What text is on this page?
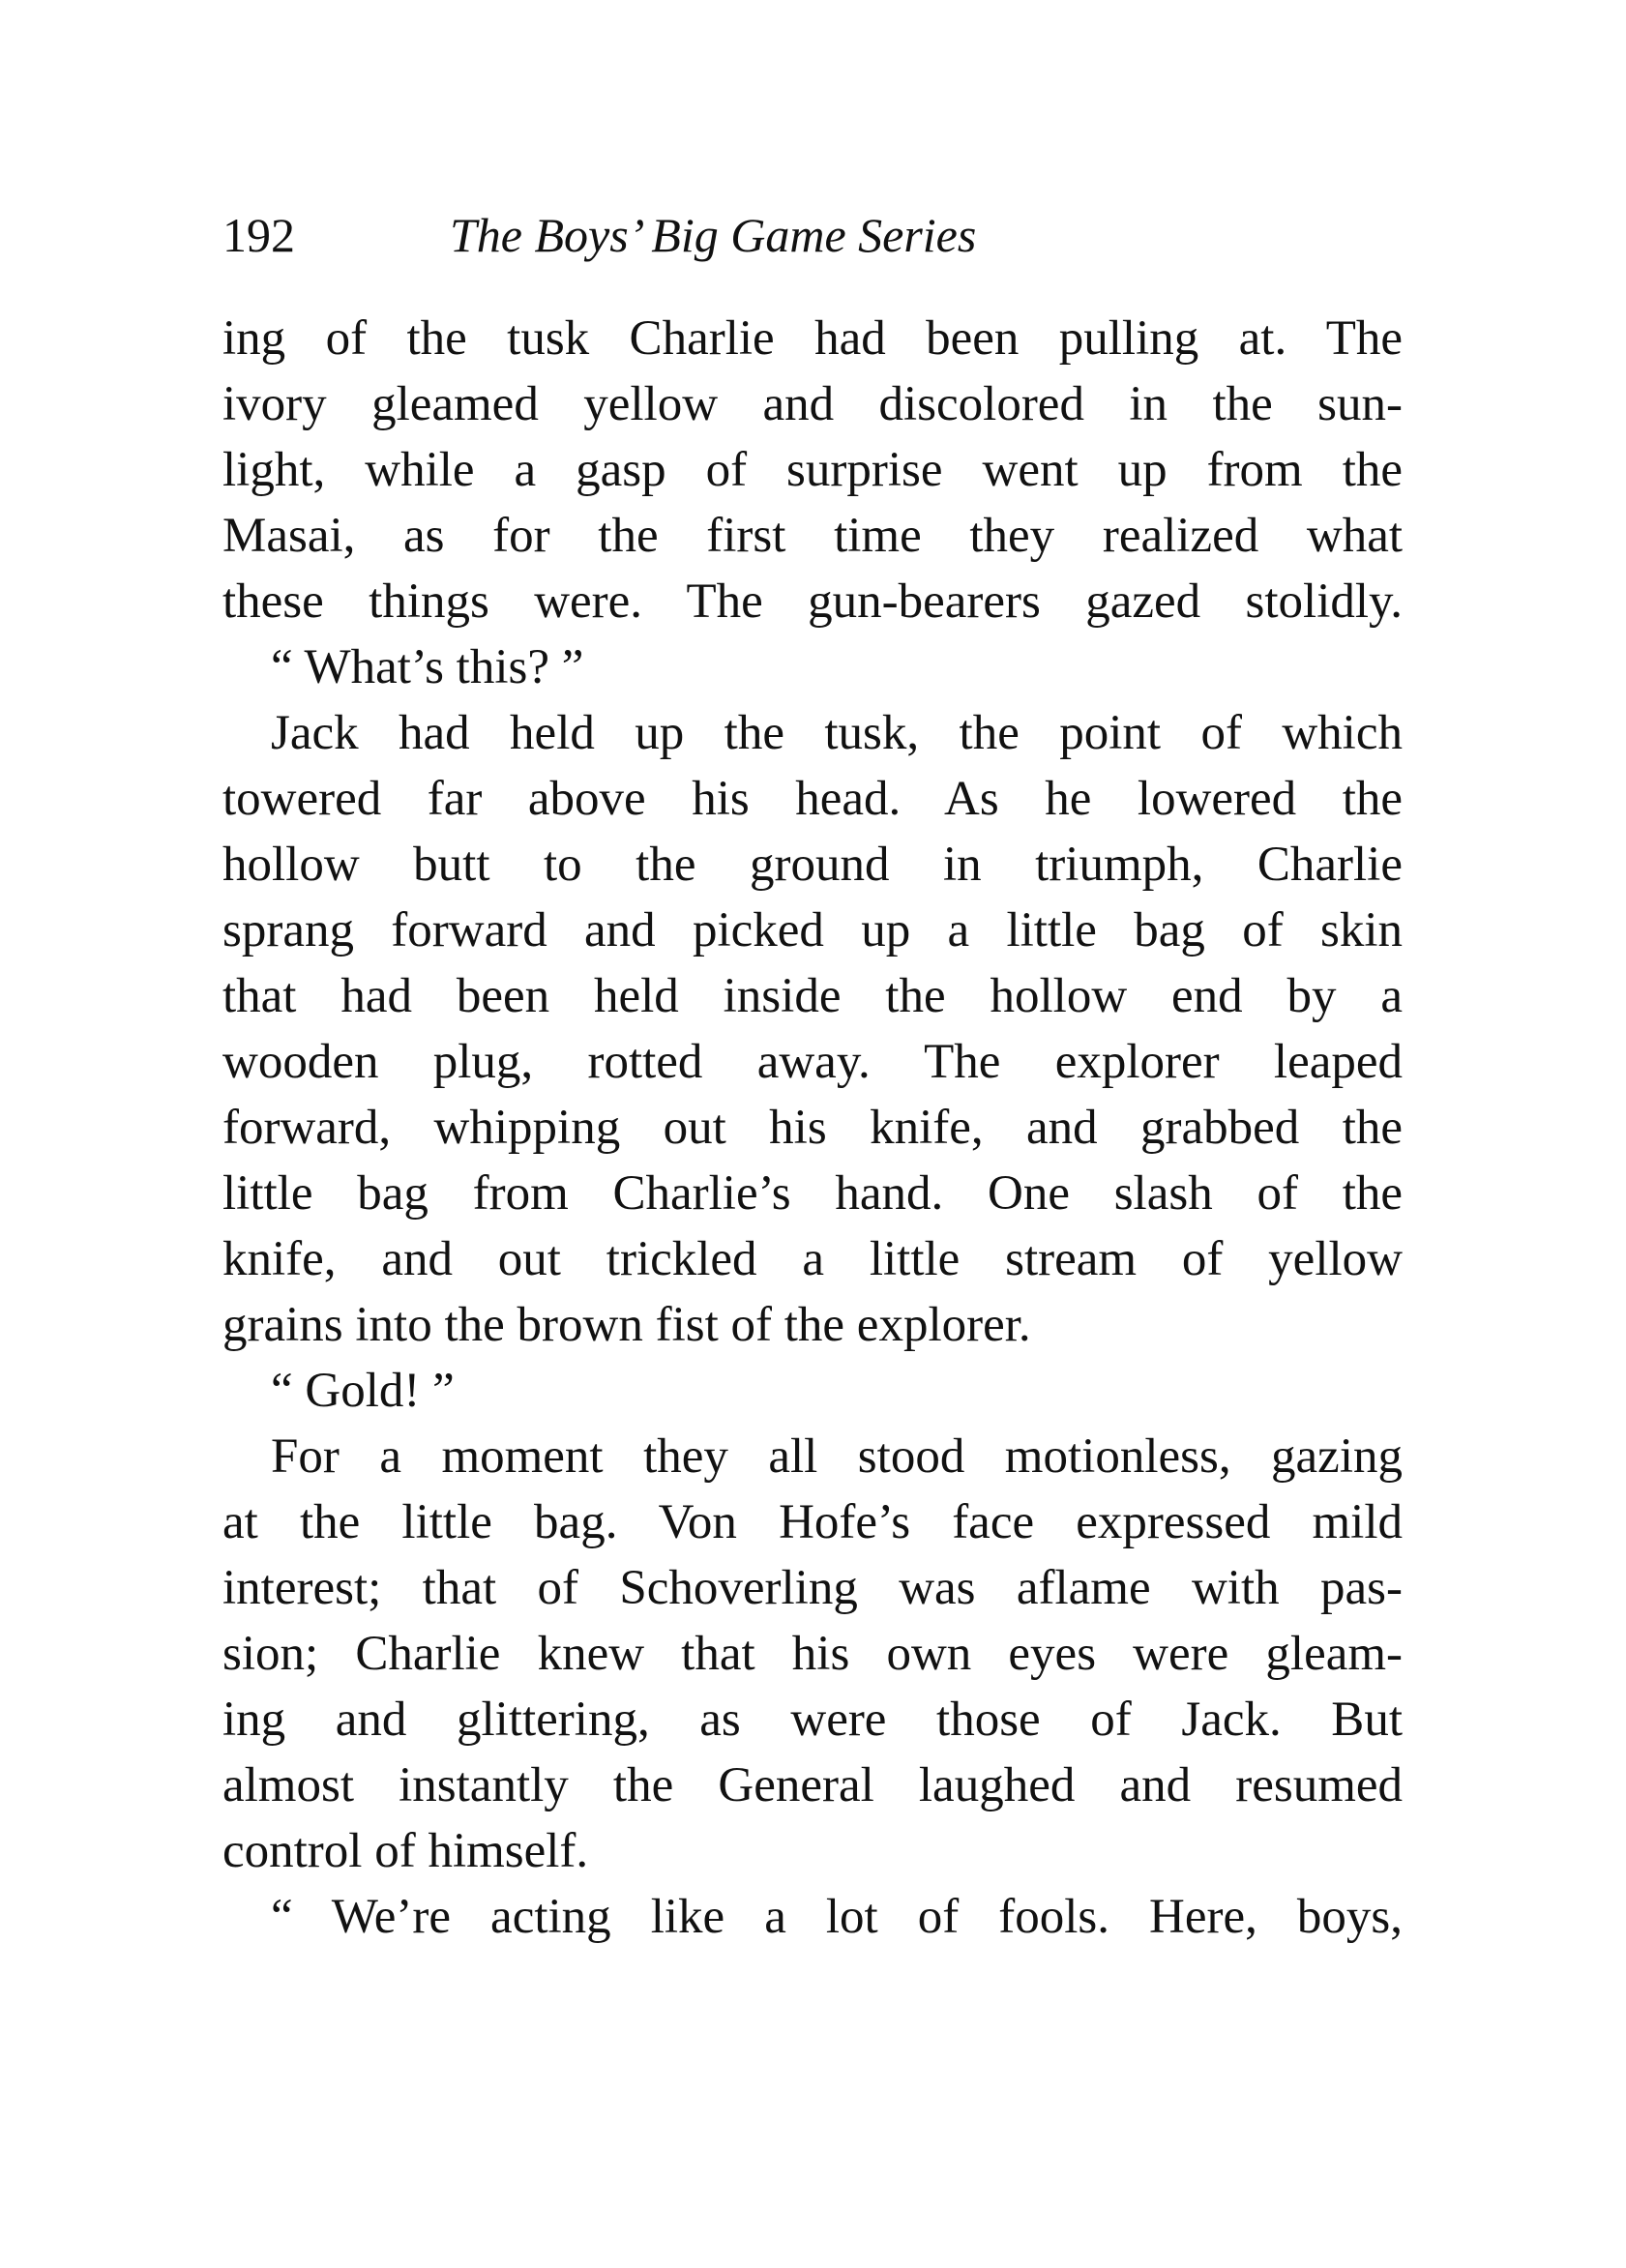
192	The Boys’ Big Game Series
ing of the tusk Charlie had been pulling at. The
ivory gleamed yellow and discolored in the sun-
light, while a gasp of surprise went up from the
Masai, as for the first time they realized what
these things were. The gun-bearers gazed stolidly.
“ What’s this? ”
Jack had held up the tusk, the point of which
towered far above his head. As he lowered the
hollow butt to the ground in triumph, Charlie
sprang forward and picked up a little bag of skin
that had been held inside the hollow end by a
wooden plug, rotted away. The explorer leaped
forward, whipping out his knife, and grabbed the
little bag from Charlie’s hand. One slash of the
knife, and out trickled a little stream of yellow
grains into the brown fist of the explorer.
“ Gold! ”
For a moment they all stood motionless, gazing
at the little bag. Von Hofe’s face expressed mild
interest; that of Schoverling was aflame with pas-
sion; Charlie knew that his own eyes were gleam-
ing and glittering, as were those of Jack. But
almost instantly the General laughed and resumed
control of himself.
“ We’re acting like a lot of fools. Here, boys,
